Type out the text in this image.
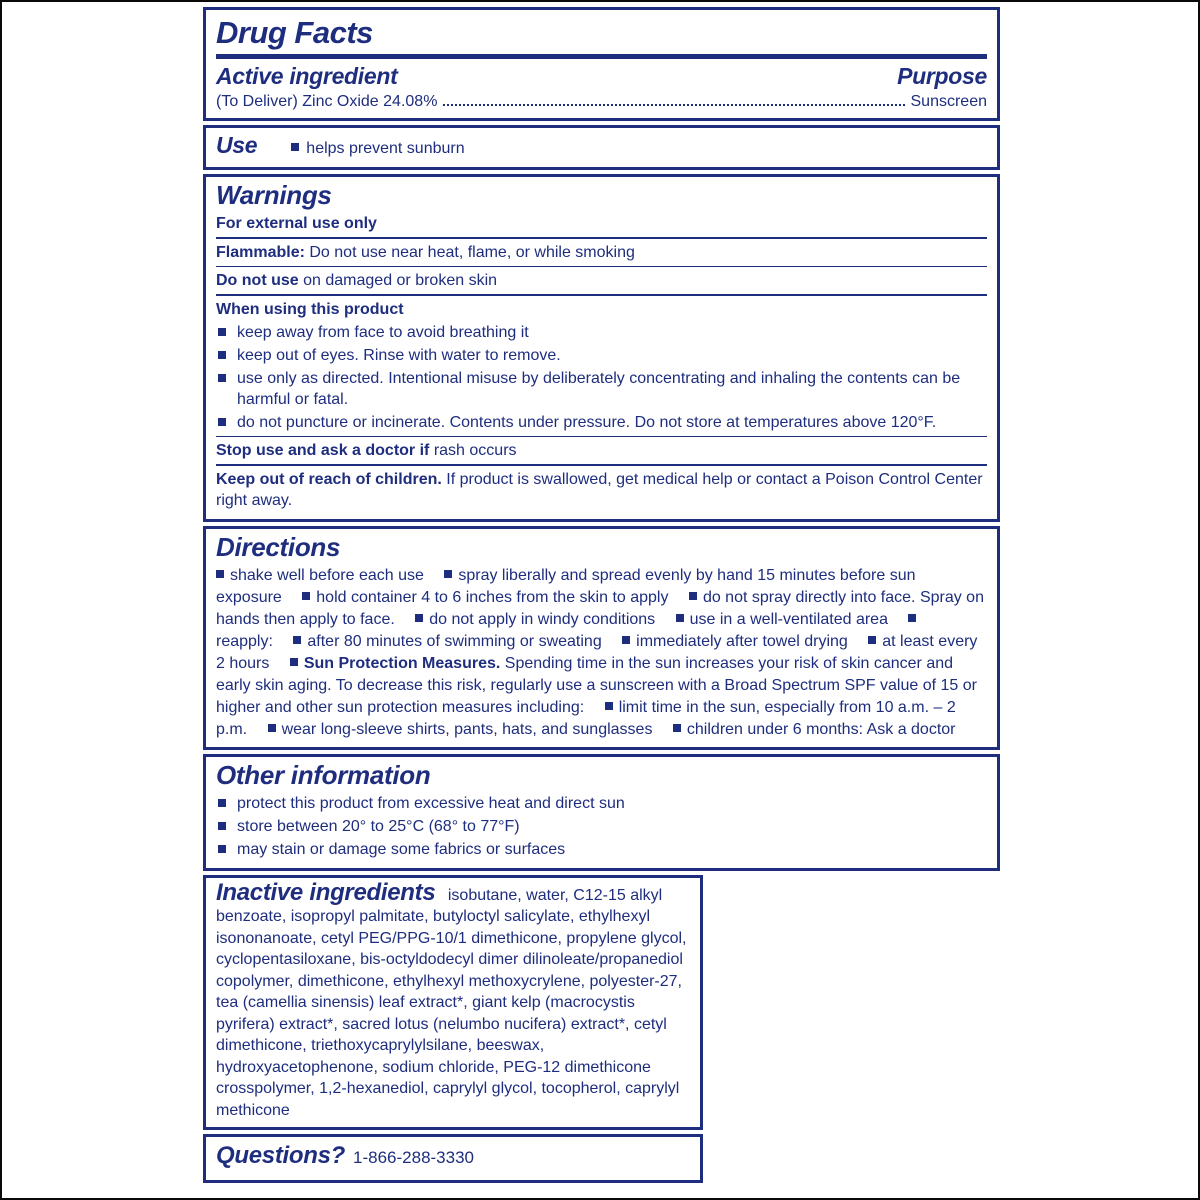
Drug Facts
Active ingredient	Purpose
(To Deliver) Zinc Oxide 24.08%	Sunscreen
Use	helps prevent sunburn
Warnings

For external use only

Flammable: Do not use near heat, flame, or while smoking

Do not use on damaged or broken skin

When using this product

keep away from face to avoid breathing it
keep out of eyes. Rinse with water to remove.
use only as directed. Intentional misuse by deliberately concentrating and inhaling the contents can be harmful or fatal.
do not puncture or incinerate. Contents under pressure. Do not store at temperatures above 120°F.

Stop use and ask a doctor if rash occurs

Keep out of reach of children. If product is swallowed, get medical help or contact a Poison Control Center right away.

Directions

shake well before each use spray liberally and spread evenly by hand 15 minutes before sun exposure hold container 4 to 6 inches from the skin to apply do not spray directly into face. Spray on hands then apply to face. do not apply in windy conditions use in a well-ventilated area reapply: after 80 minutes of swimming or sweating immediately after towel drying at least every 2 hours Sun Protection Measures. Spending time in the sun increases your risk of skin cancer and early skin aging. To decrease this risk, regularly use a sunscreen with a Broad Spectrum SPF value of 15 or higher and other sun protection measures including: limit time in the sun, especially from 10 a.m. – 2 p.m. wear long-sleeve shirts, pants, hats, and sunglasses children under 6 months: Ask a doctor

Other information
protect this product from excessive heat and direct sun
store between 20° to 25°C (68° to 77°F)
may stain or damage some fabrics or surfaces

Inactive ingredients isobutane, water, C12-15 alkyl benzoate, isopropyl palmitate, butyloctyl salicylate, ethylhexyl isononanoate, cetyl PEG/PPG-10/1 dimethicone, propylene glycol, cyclopentasiloxane, bis-octyldodecyl dimer dilinoleate/propanediol copolymer, dimethicone, ethylhexyl methoxycrylene, polyester-27, tea (camellia sinensis) leaf extract*, giant kelp (macrocystis pyrifera) extract*, sacred lotus (nelumbo nucifera) extract*, cetyl dimethicone, triethoxycaprylylsilane, beeswax, hydroxyacetophenone, sodium chloride, PEG-12 dimethicone crosspolymer, 1,2-hexanediol, caprylyl glycol, tocopherol, caprylyl methicone

Questions? 1-866-288-3330
